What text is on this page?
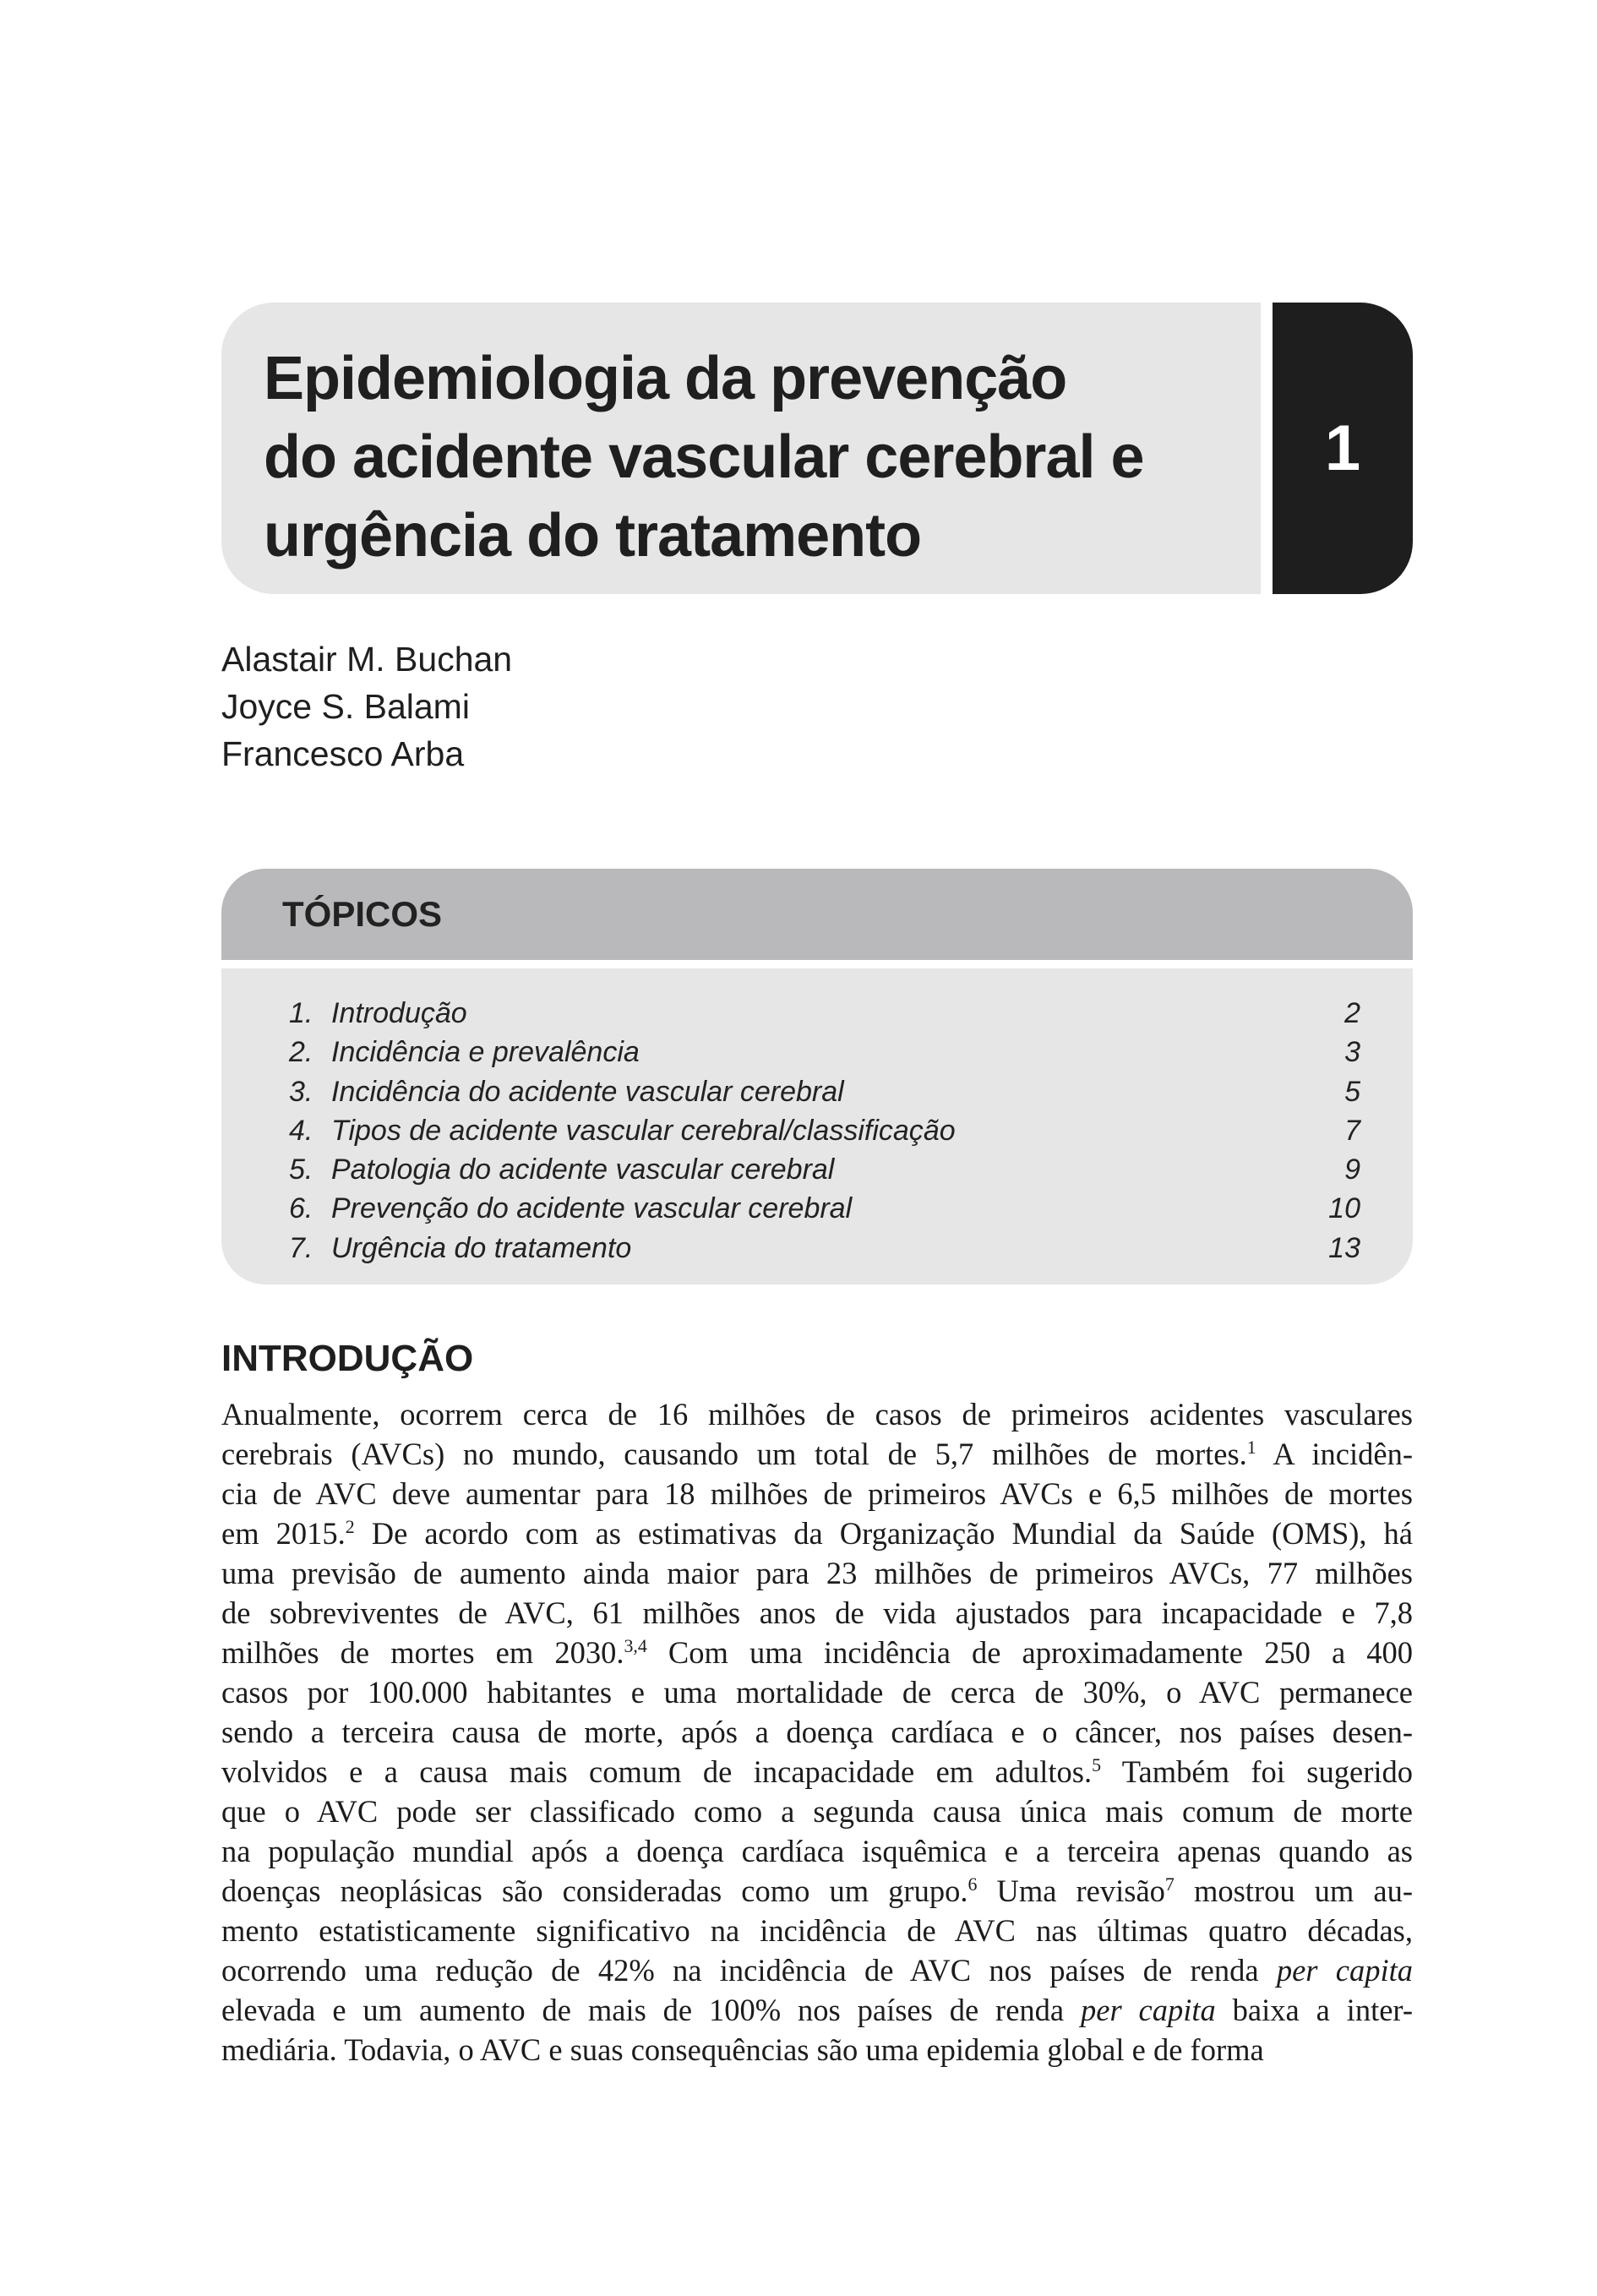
Epidemiologia da prevenção
do acidente vascular cerebral e
urgência do tratamento
1
Alastair M. Buchan
Joyce S. Balami
Francesco Arba
TÓPICOS
1. Introdução	2
2. Incidência e prevalência	3
3. Incidência do acidente vascular cerebral	5
4. Tipos de acidente vascular cerebral/classificação	7
5. Patologia do acidente vascular cerebral	9
6. Prevenção do acidente vascular cerebral	10
7. Urgência do tratamento	13
INTRODUÇÃO
Anualmente, ocorrem cerca de 16 milhões de casos de primeiros acidentes vasculares
cerebrais (AVCs) no mundo, causando um total de 5,7 milhões de mortes.$^1$ A incidên-
cia de AVC deve aumentar para 18 milhões de primeiros AVCs e 6,5 milhões de mortes
em 2015.$^2$ De acordo com as estimativas da Organização Mundial da Saúde (OMS), há
uma previsão de aumento ainda maior para 23 milhões de primeiros AVCs, 77 milhões
de sobreviventes de AVC, 61 milhões anos de vida ajustados para incapacidade e 7,8
milhões de mortes em 2030.$^{3,4}$ Com uma incidência de aproximadamente 250 a 400
casos por 100.000 habitantes e uma mortalidade de cerca de 30%, o AVC permanece
sendo a terceira causa de morte, após a doença cardíaca e o câncer, nos países desen-
volvidos e a causa mais comum de incapacidade em adultos.$^5$ Também foi sugerido
que o AVC pode ser classificado como a segunda causa única mais comum de morte
na população mundial após a doença cardíaca isquêmica e a terceira apenas quando as
doenças neoplásicas são consideradas como um grupo.$^6$ Uma revisão$^7$ mostrou um au-
mento estatisticamente significativo na incidência de AVC nas últimas quatro décadas,
ocorrendo uma redução de 42% na incidência de AVC nos países de renda per capita
elevada e um aumento de mais de 100% nos países de renda per capita baixa a inter-
mediária. Todavia, o AVC e suas consequências são uma epidemia global e de forma
